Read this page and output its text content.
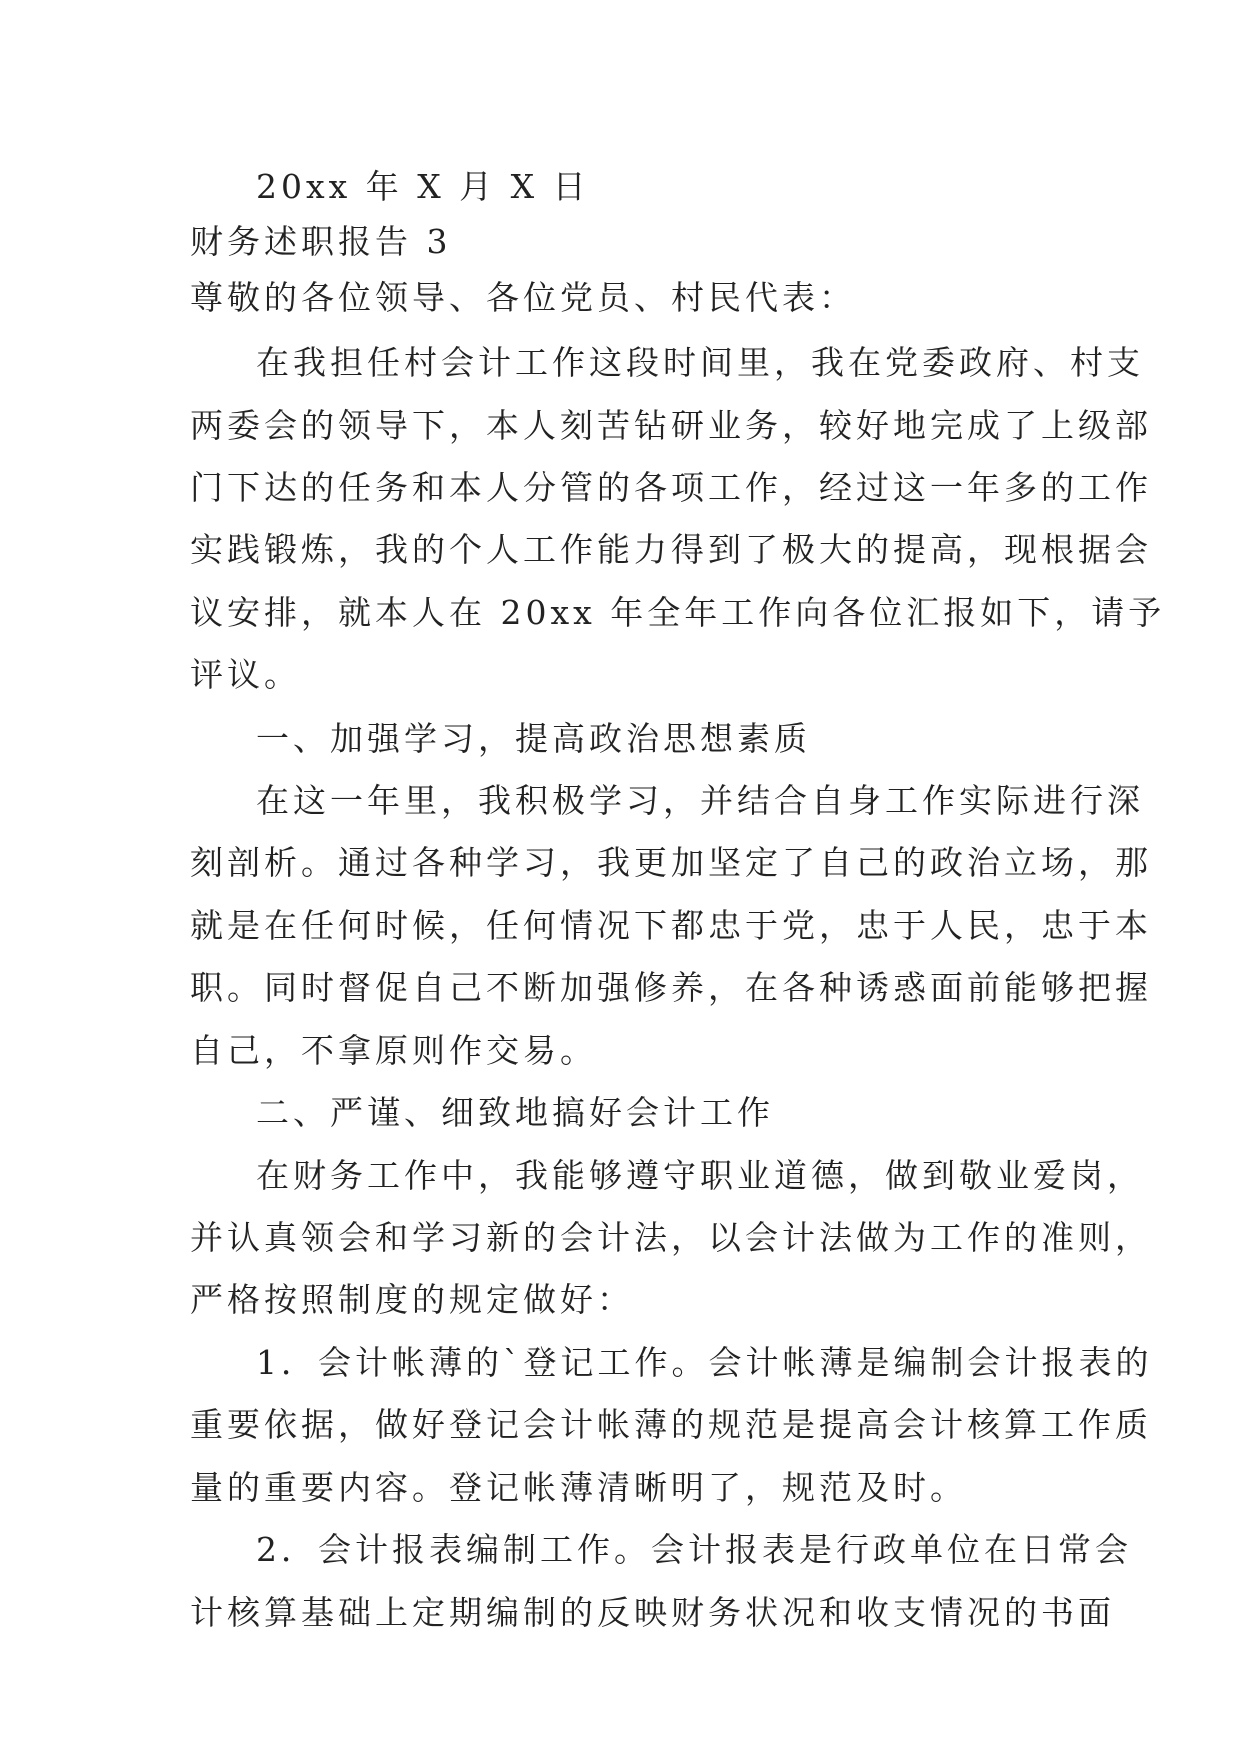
20xx 年 X 月 X 日
财务述职报告 3
尊敬的各位领导、各位党员、村民代表：
在我担任村会计工作这段时间里，我在党委政府、村支
两委会的领导下，本人刻苦钻研业务，较好地完成了上级部
门下达的任务和本人分管的各项工作，经过这一年多的工作
实践锻炼，我的个人工作能力得到了极大的提高，现根据会
议安排，就本人在 20xx 年全年工作向各位汇报如下，请予
评议。
一、加强学习，提高政治思想素质
在这一年里，我积极学习，并结合自身工作实际进行深
刻剖析。通过各种学习，我更加坚定了自己的政治立场，那
就是在任何时候，任何情况下都忠于党，忠于人民，忠于本
职。同时督促自己不断加强修养，在各种诱惑面前能够把握
自己，不拿原则作交易。
二、严谨、细致地搞好会计工作
在财务工作中，我能够遵守职业道德，做到敬业爱岗，
并认真领会和学习新的会计法，以会计法做为工作的准则，
严格按照制度的规定做好：
1．会计帐薄的`登记工作。会计帐薄是编制会计报表的
重要依据，做好登记会计帐薄的规范是提高会计核算工作质
量的重要内容。登记帐薄清晰明了，规范及时。
2．会计报表编制工作。会计报表是行政单位在日常会
计核算基础上定期编制的反映财务状况和收支情况的书面
